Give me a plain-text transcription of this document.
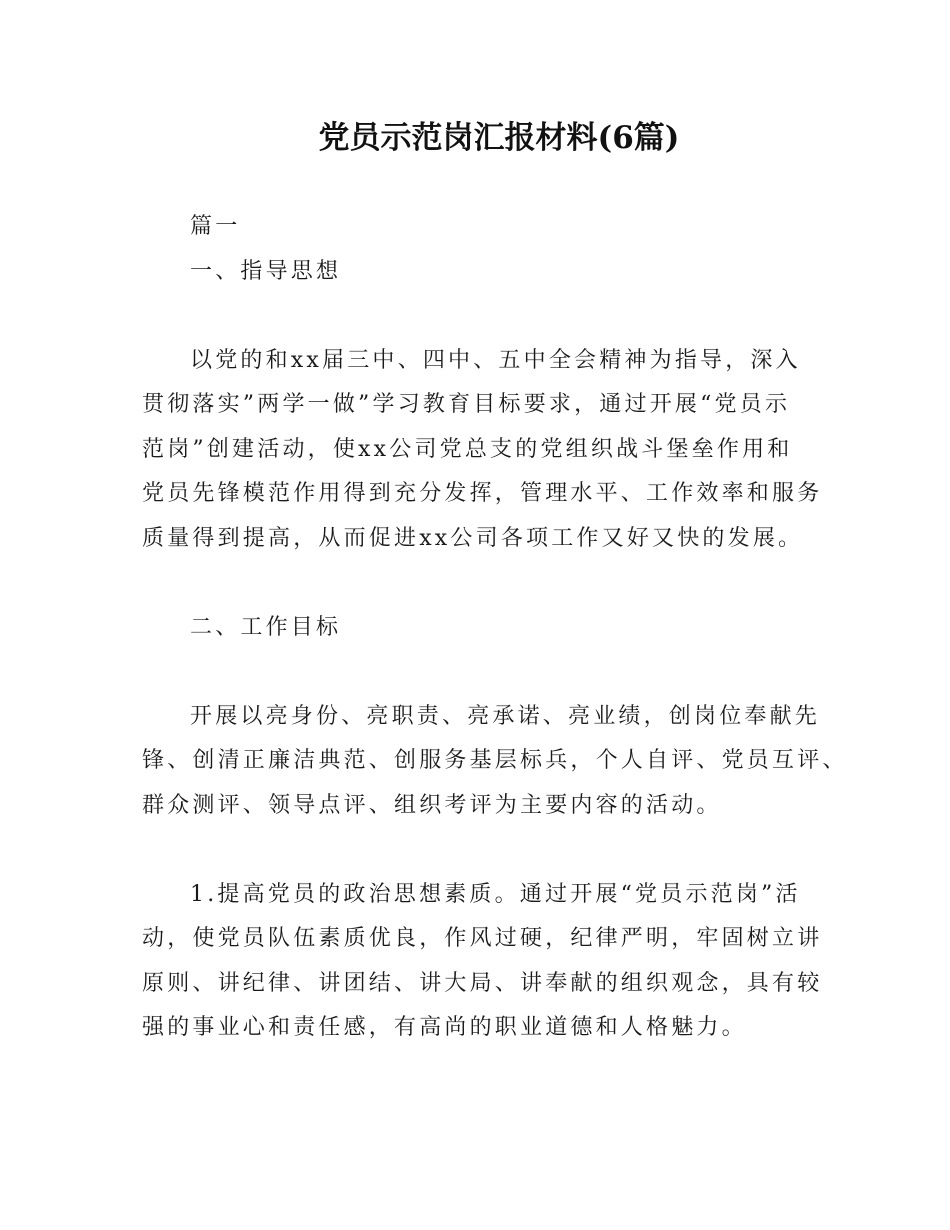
党员示范岗汇报材料(6篇)
篇一
一、指导思想
以党的和xx届三中、四中、五中全会精神为指导，深入
贯彻落实”两学一做”学习教育目标要求，通过开展“党员示
范岗”创建活动，使xx公司党总支的党组织战斗堡垒作用和
党员先锋模范作用得到充分发挥，管理水平、工作效率和服务
质量得到提高，从而促进xx公司各项工作又好又快的发展。
二、工作目标
开展以亮身份、亮职责、亮承诺、亮业绩，创岗位奉献先
锋、创清正廉洁典范、创服务基层标兵，个人自评、党员互评、
群众测评、领导点评、组织考评为主要内容的活动。
1.提高党员的政治思想素质。通过开展“党员示范岗”活
动，使党员队伍素质优良，作风过硬，纪律严明，牢固树立讲
原则、讲纪律、讲团结、讲大局、讲奉献的组织观念，具有较
强的事业心和责任感，有高尚的职业道德和人格魅力。
